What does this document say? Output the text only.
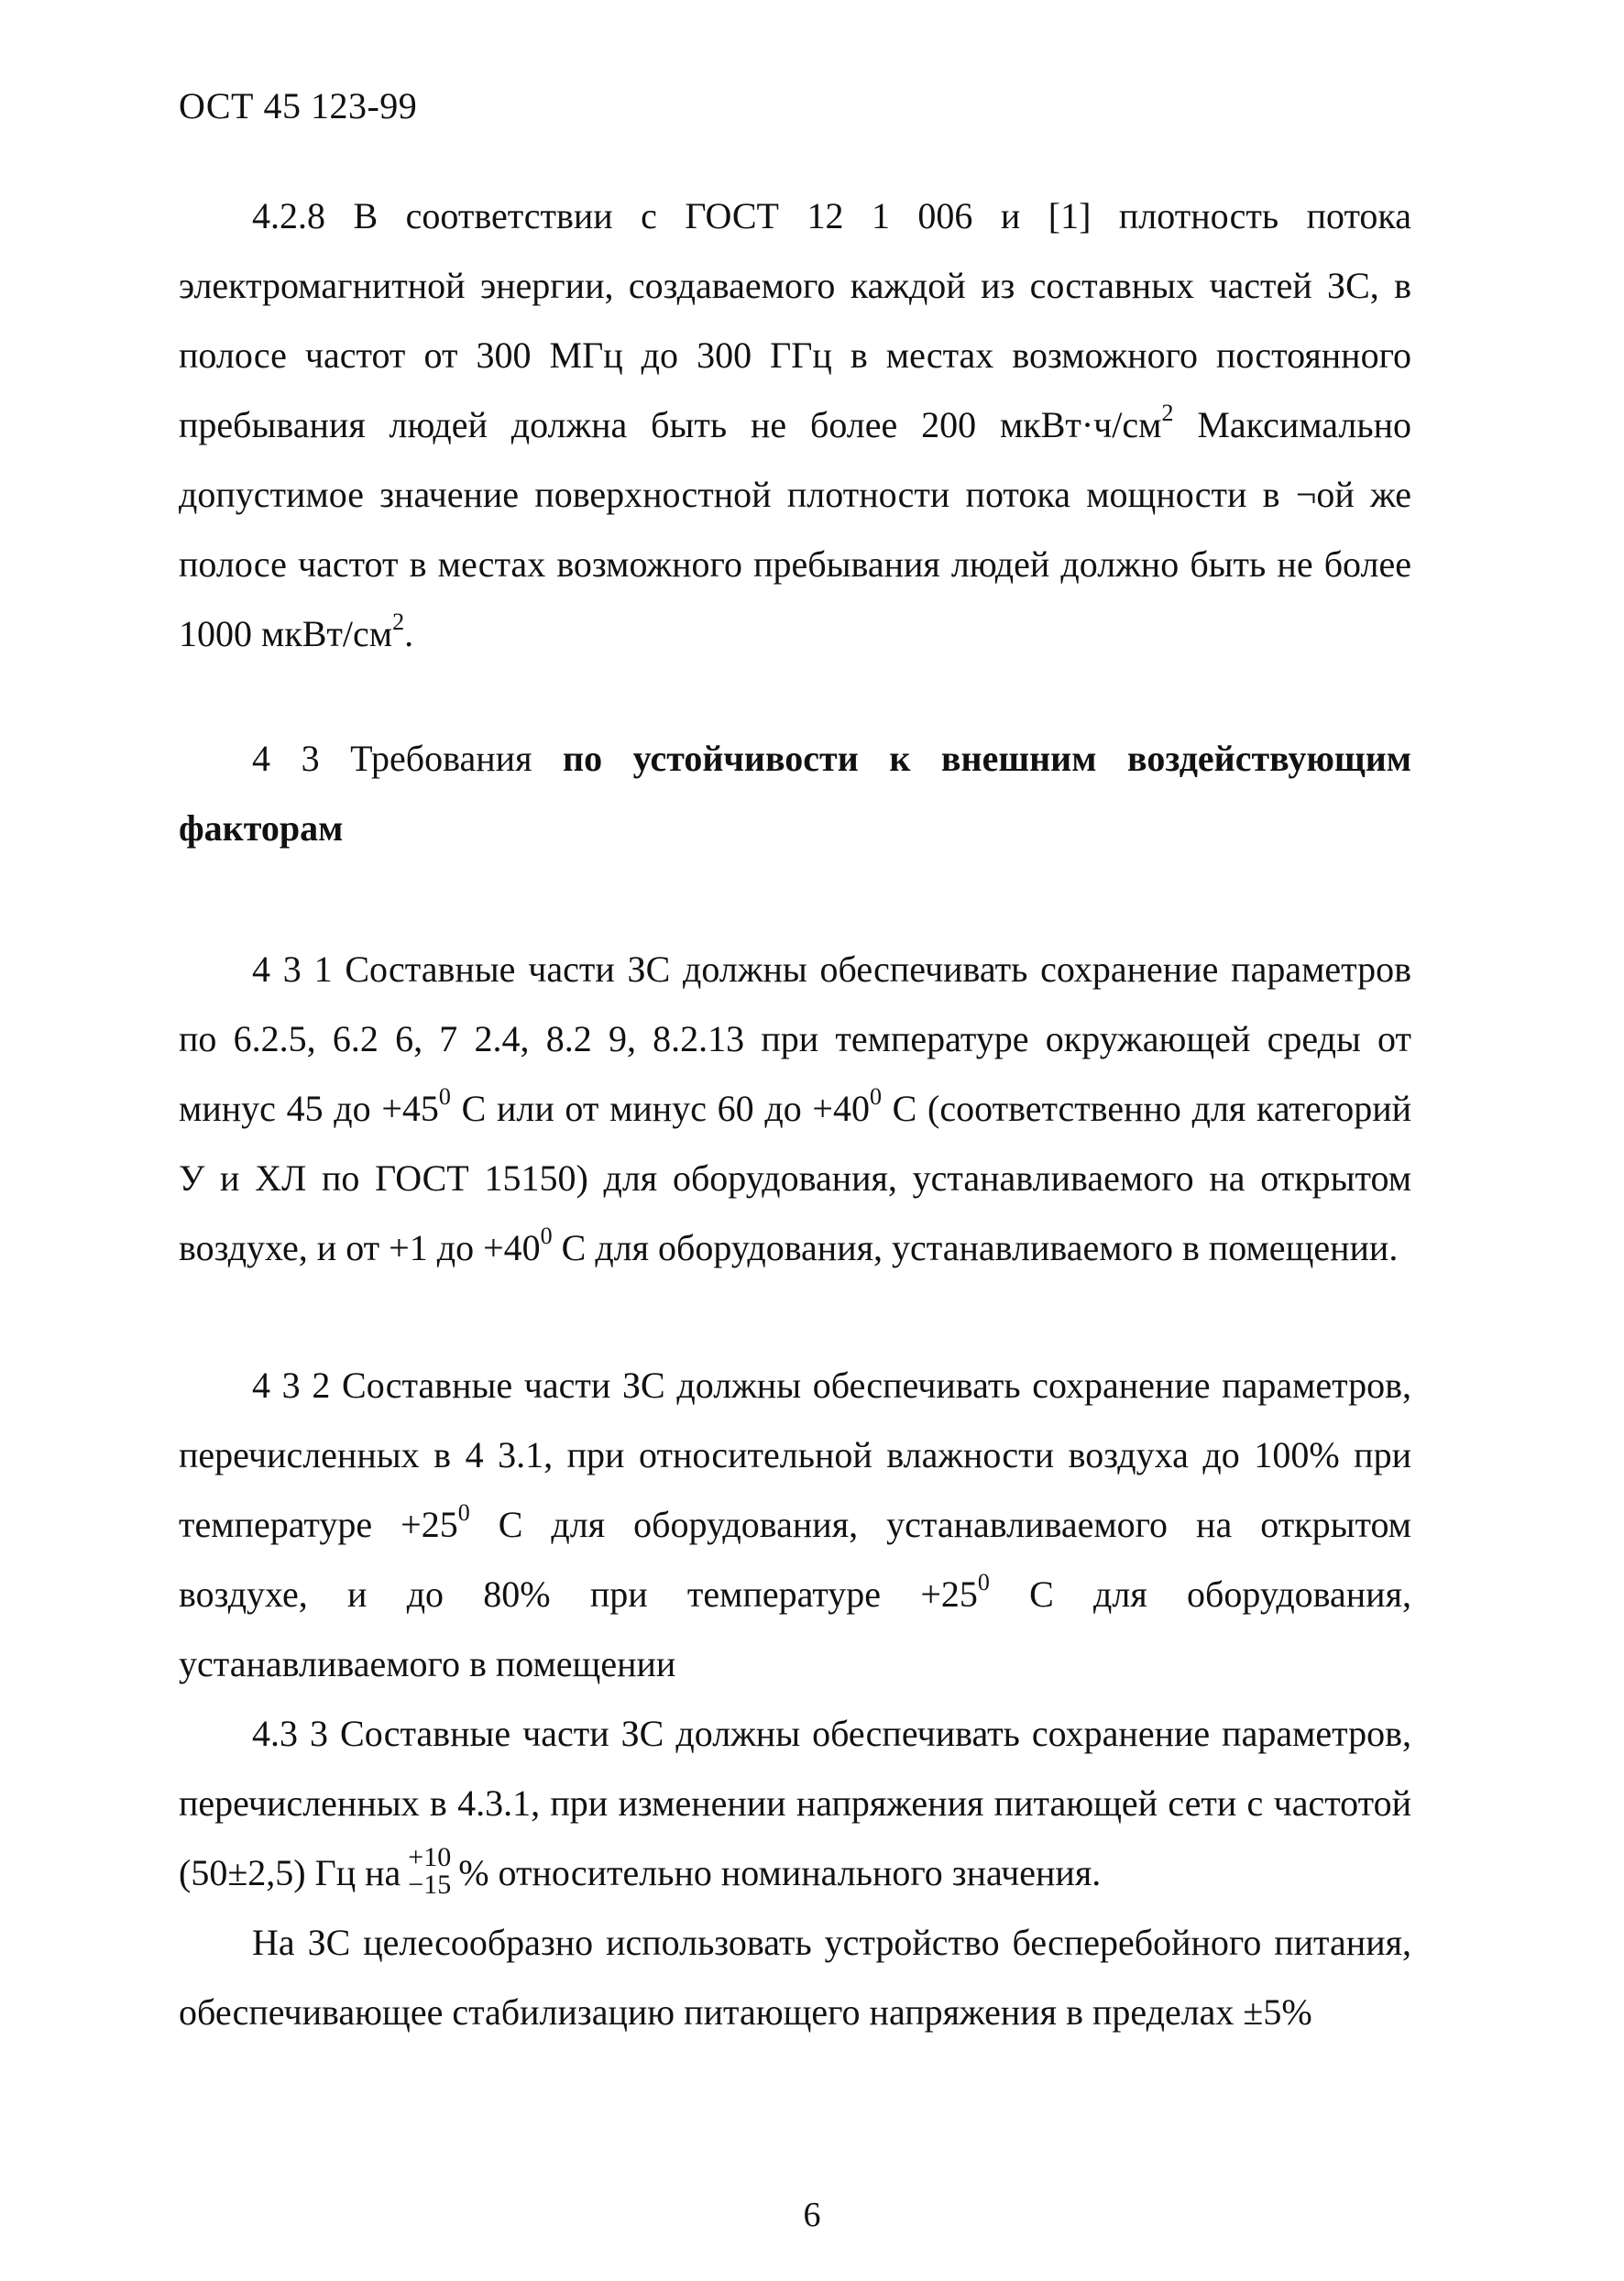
ОСТ 45 123-99
4.2.8 В соответствии с ГОСТ 12 1 006 и [1] плотность потока электромагнитной энергии, создаваемого каждой из составных частей ЗС, в полосе частот от 300 МГц до 300 ГГц в местах возможного постоянного пребывания людей должна быть не более 200 $мкВт\cdot ч/см^2$ Максимально допустимое значение поверхностной плотности потока мощности в ¬ой же полосе частот в местах возможного пребывания людей должно быть не более 1000 мкВт/$см^2$.
4 3 Требования по устойчивости к внешним воздействующим факторам
4 3 1 Составные части ЗС должны обеспечивать сохранение параметров по 6.2.5, 6.2 6, 7 2.4, 8.2 9, 8.2.13 при температуре окружающей среды от минус 45 до $+45^0$ С или от минус 60 до $+40^0$ С (соответственно для категорий У и ХЛ по ГОСТ 15150) для оборудования, устанавливаемого на открытом воздухе, и от +1 до $+40^0$ С для оборудования, устанавливаемого в помещении.
4 3 2 Составные части ЗС должны обеспечивать сохранение параметров, перечисленных в 4 3.1, при относительной влажности воздуха до 100% при температуре $+25^0$ С для оборудования, устанавливаемого на открытом воздухе, и до 80% при температуре $+25^0$ С для оборудования, устанавливаемого в помещении
4.3 3 Составные части ЗС должны обеспечивать сохранение параметров, перечисленных в 4.3.1, при изменении напряжения питающей сети с частотой (50±2,5) Гц на +10
−15 % относительно номинального значения.
На ЗС целесообразно использовать устройство бесперебойного питания, обеспечивающее стабилизацию питающего напряжения в пределах ±5%
6
